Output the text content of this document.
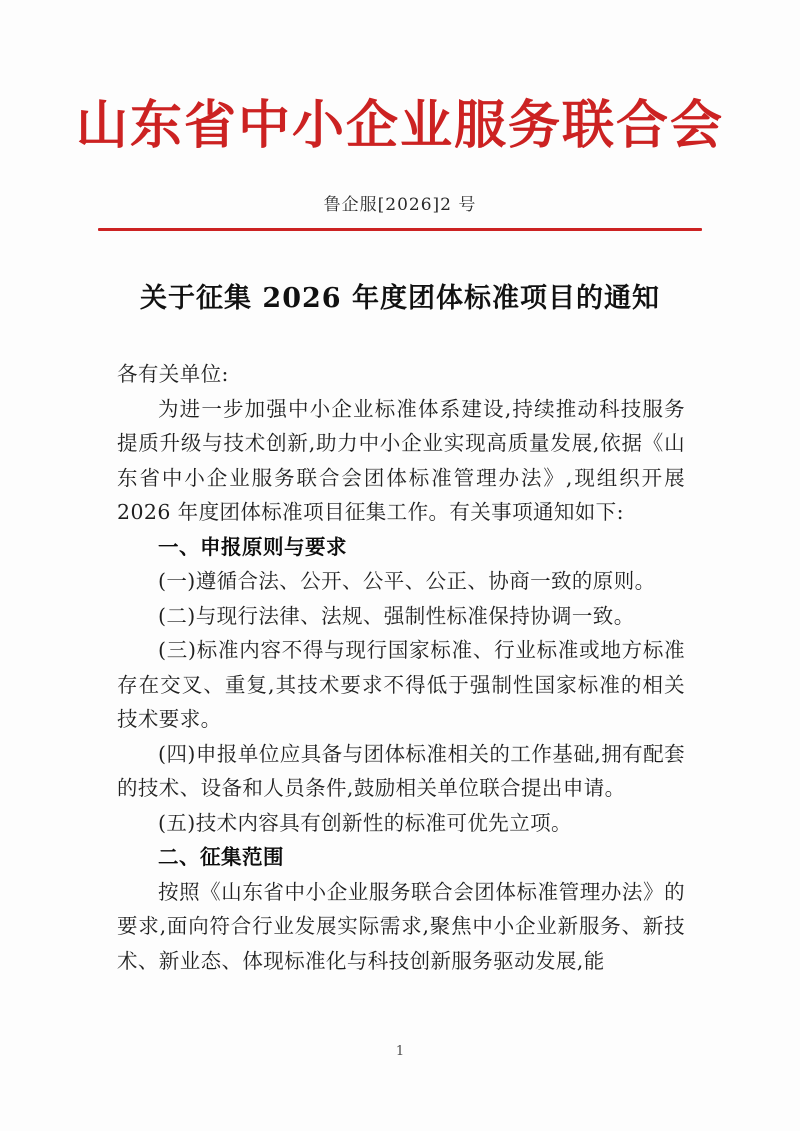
山东省中小企业服务联合会
鲁企服[2026]2 号
关于征集 2026 年度团体标准项目的通知

各有关单位:

为进一步加强中小企业标准体系建设,持续推动科技服务提质升级与技术创新,助力中小企业实现高质量发展,依据《山东省中小企业服务联合会团体标准管理办法》,现组织开展 2026 年度团体标准项目征集工作。有关事项通知如下:

一、申报原则与要求

(一)遵循合法、公开、公平、公正、协商一致的原则。

(二)与现行法律、法规、强制性标准保持协调一致。

(三)标准内容不得与现行国家标准、行业标准或地方标准存在交叉、重复,其技术要求不得低于强制性国家标准的相关技术要求。

(四)申报单位应具备与团体标准相关的工作基础,拥有配套的技术、设备和人员条件,鼓励相关单位联合提出申请。

(五)技术内容具有创新性的标准可优先立项。

二、征集范围

按照《山东省中小企业服务联合会团体标准管理办法》的要求,面向符合行业发展实际需求,聚焦中小企业新服务、新技术、新业态、体现标准化与科技创新服务驱动发展,能

1
